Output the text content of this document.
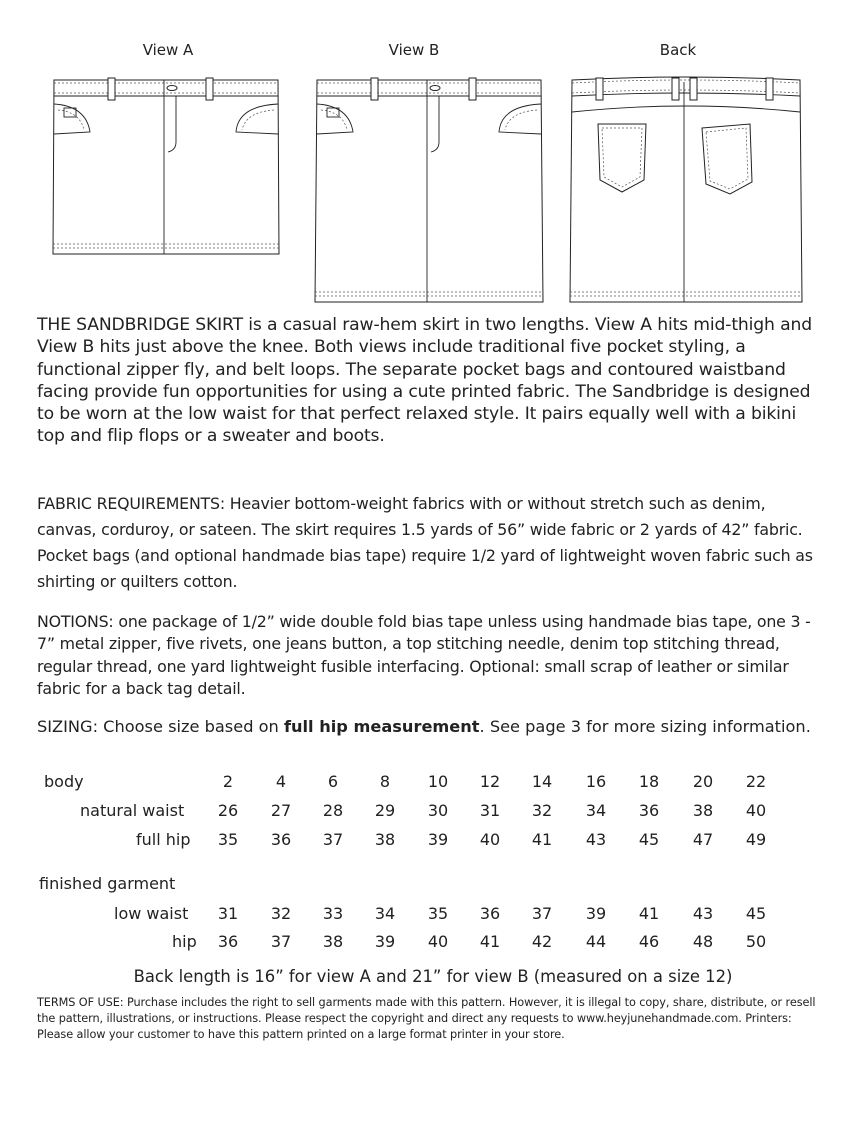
View A	View B	Back
THE SANDBRIDGE SKIRT is a casual raw-hem skirt in two lengths. View A hits mid-thigh and View B hits just above the knee. Both views include traditional five pocket styling, a functional zipper fly, and belt loops. The separate pocket bags and contoured waistband facing provide fun opportunities for using a cute printed fabric. The Sandbridge is designed to be worn at the low waist for that perfect relaxed style. It pairs equally well with a bikini top and flip flops or a sweater and boots.
FABRIC REQUIREMENTS: Heavier bottom-weight fabrics with or without stretch such as denim, canvas, corduroy, or sateen. The skirt requires 1.5 yards of 56” wide fabric or 2 yards of 42” fabric. Pocket bags (and optional handmade bias tape) require 1/2 yard of lightweight woven fabric such as shirting or quilters cotton.
NOTIONS: one package of 1/2” wide double fold bias tape unless using handmade bias tape, one 3 - 7” metal zipper, five rivets, one jeans button, a top stitching needle, denim top stitching thread, regular thread, one yard lightweight fusible interfacing. Optional: small scrap of leather or similar fabric for a back tag detail.
SIZING: Choose size based on full hip measurement. See page 3 for more sizing information.
body	2	4	6	8	10	12	14	16	18	20	22
natural waist	26	27	28	29	30	31	32	34	36	38	40
full hip	35	36	37	38	39	40	41	43	45	47	49
finished garment
low waist	31	32	33	34	35	36	37	39	41	43	45
hip	36	37	38	39	40	41	42	44	46	48	50
Back length is 16” for view A and 21” for view B (measured on a size 12)
TERMS OF USE: Purchase includes the right to sell garments made with this pattern. However, it is illegal to copy, share, distribute, or resell the pattern, illustrations, or instructions. Please respect the copyright and direct any requests to www.heyjunehandmade.com. Printers: Please allow your customer to have this pattern printed on a large format printer in your store.
